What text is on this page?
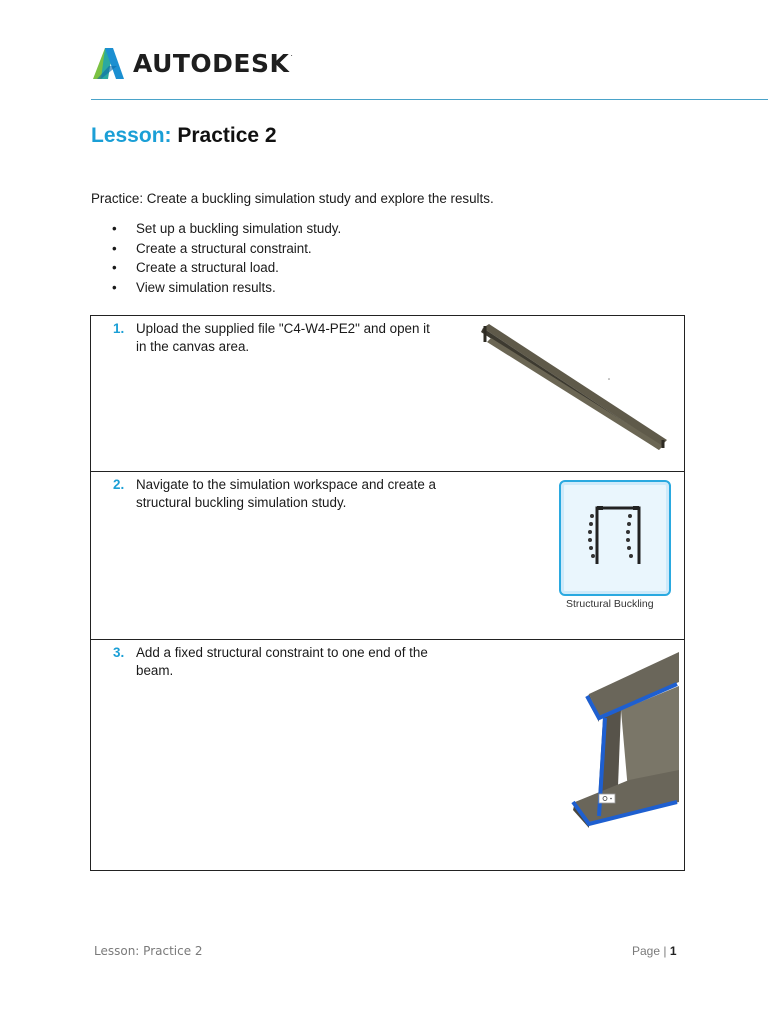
AUTODESK.
Lesson: Practice 2
Practice: Create a buckling simulation study and explore the results.
• Set up a buckling simulation study.
• Create a structural constraint.
• Create a structural load.
• View simulation results.
1. Upload the supplied file "C4-W4-PE2" and open it in the canvas area.
2. Navigate to the simulation workspace and create a structural buckling simulation study.
Structural Buckling
3. Add a fixed structural constraint to one end of the beam.
Lesson: Practice 2	Page | 1
